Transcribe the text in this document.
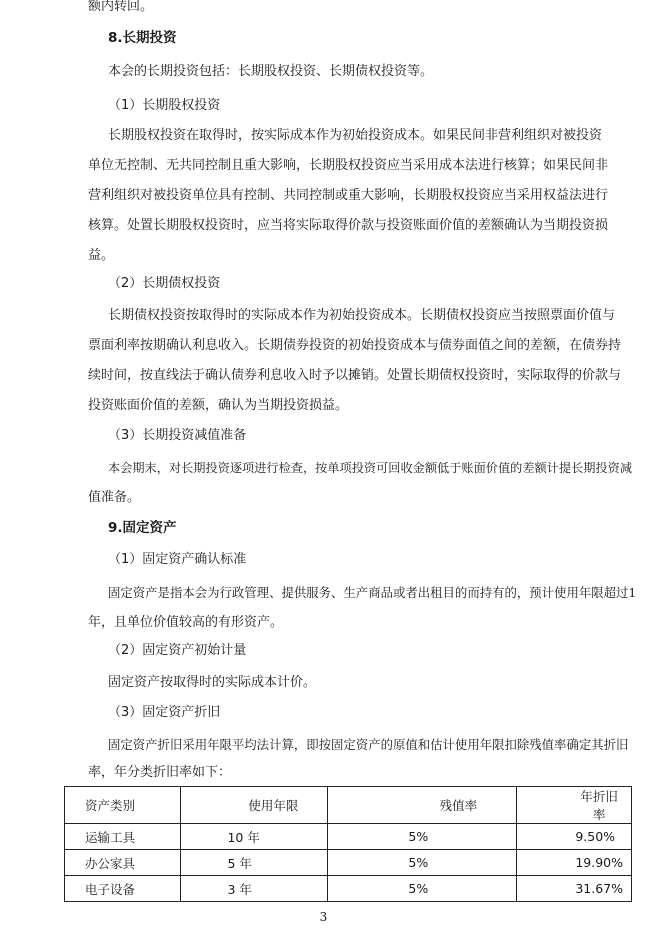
额内转回。
8.长期投资
本会的长期投资包括：长期股权投资、长期债权投资等。
（1）长期股权投资
长期股权投资在取得时，按实际成本作为初始投资成本。如果民间非营利组织对被投资
单位无控制、无共同控制且重大影响，长期股权投资应当采用成本法进行核算；如果民间非
营利组织对被投资单位具有控制、共同控制或重大影响，长期股权投资应当采用权益法进行
核算。处置长期股权投资时，应当将实际取得价款与投资账面价值的差额确认为当期投资损
益。
（2）长期债权投资
长期债权投资按取得时的实际成本作为初始投资成本。长期债权投资应当按照票面价值与
票面利率按期确认利息收入。长期债券投资的初始投资成本与债券面值之间的差额，在债券持
续时间，按直线法于确认债券利息收入时予以摊销。处置长期债权投资时，实际取得的价款与
投资账面价值的差额，确认为当期投资损益。
（3）长期投资减值准备
本会期末，对长期投资逐项进行检查，按单项投资可回收金额低于账面价值的差额计提长期投资减
值准备。
9.固定资产
（1）固定资产确认标准
固定资产是指本会为行政管理、提供服务、生产商品或者出租目的而持有的，预计使用年限超过1
年，且单位价值较高的有形资产。
（2）固定资产初始计量
固定资产按取得时的实际成本计价。
（3）固定资产折旧
固定资产折旧采用年限平均法计算，即按固定资产的原值和估计使用年限扣除残值率确定其折旧
率，年分类折旧率如下：
资产类别	使用年限	残值率	年折旧率
运输工具	10 年	5%	9.50%
办公家具	5 年	5%	19.90%
电子设备	3 年	5%	31.67%
3
